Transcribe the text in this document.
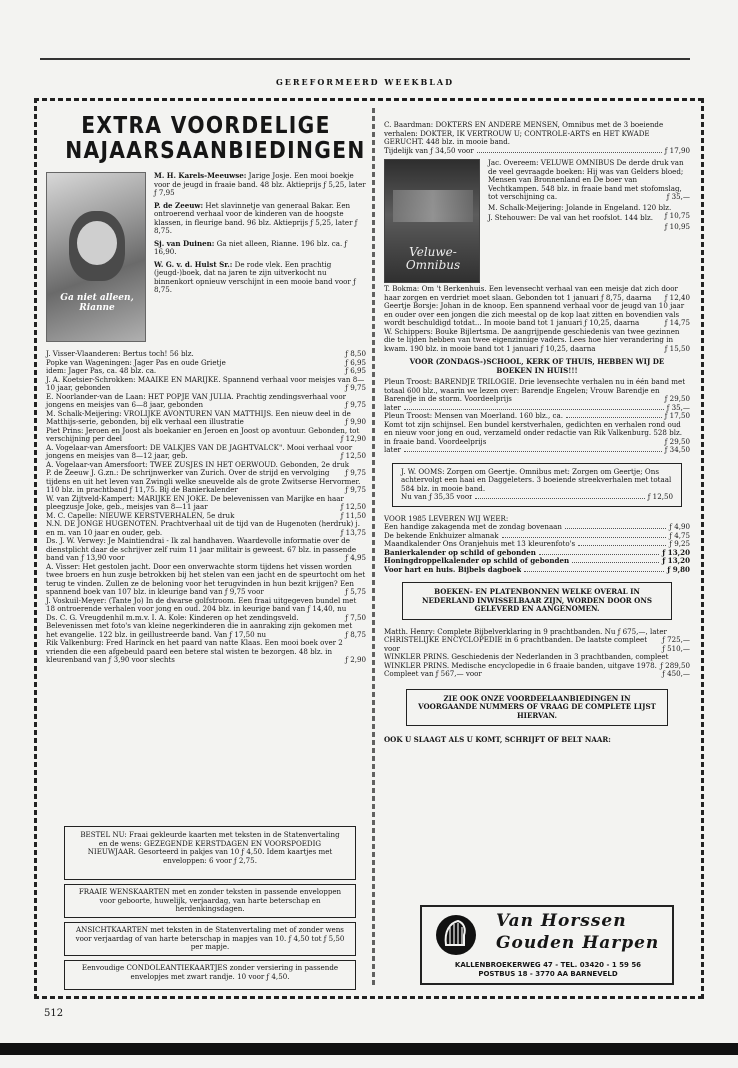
GEREFORMEERD WEEKBLAD
EXTRA VOORDELIGE
NAJAARSAANBIEDINGEN
Ga niet alleen,
Rianne
M. H. Karels-Meeuwse: Jarige Josje. Een mooi boekje voor de jeugd in fraaie band. 48 blz. Aktieprijs ƒ 5,25, later ƒ 7,95
P. de Zeeuw: Het slavinnetje van generaal Bakar. Een ontroerend verhaal voor de kinderen van de hoogste klassen, in fleurige band. 96 blz. Aktieprijs ƒ 5,25, later ƒ 8,75.
Sj. van Duinen: Ga niet alleen, Rianne. 196 blz. ca. ƒ 16,90.
W. G. v. d. Hulst Sr.: De rode vlek. Een prachtig (jeugd-)boek, dat na jaren te zijn uitverkocht nu binnenkort opnieuw verschijnt in een mooie band voor ƒ 8,75.
J. Visser-Vlaanderen: Bertus toch! 56 blz.	ƒ 8,50
Popke van Wageningen: Jager Pas en oude Grietje	ƒ 6,95
idem: Jager Pas, ca. 48 blz. ca.	ƒ 6,95
J. A. Koetsier-Schrokken: MAAIKE EN MARIJKE. Spannend verhaal voor meisjes van 8—10 jaar, gebonden	ƒ 9,75
E. Noorlander-van de Laan: HET POPJE VAN JULIA. Prachtig zendingsverhaal voor jongens en meisjes van 6—8 jaar, gebonden	ƒ 9,75
M. Schalk-Meijering: VROLIJKE AVONTUREN VAN MATTHIJS. Een nieuw deel in de Matthijs-serie, gebonden, bij elk verhaal een illustratie	ƒ 9,90
Piet Prins: Jeroen en Joost als boekanier en Jeroen en Joost op avontuur. Gebonden, tot verschijning per deel	ƒ 12,90
A. Vogelaar-van Amersfoort: DE VALKJES VAN DE JAGHTVALCK". Mooi verhaal voor jongens en meisjes van 8—12 jaar, geb.	ƒ 12,50
A. Vogelaar-van Amersfoort: TWEE ZUSJES IN HET OERWOUD. Gebonden, 2e druk
ƒ 9,75
P. de Zeeuw J. G.zn.: De schrijnwerker van Zurich. Over de strijd en vervolging tijdens en uit het leven van Zwingli welke sneuvelde als de grote Zwitserse Hervormer. 110 blz. in prachtband ƒ 11,75. Bij de Banierkalender	ƒ 9,75
W. van Zijtveld-Kampert: MARIJKE EN JOKE. De belevenissen van Marijke en haar pleegzusje Joke, geb., meisjes van 8—11 jaar	ƒ 12,50
M. C. Capelle: NIEUWE KERSTVERHALEN, 5e druk	ƒ 11,50
N.N. DE JONGE HUGENOTEN. Prachtverhaal uit de tijd van de Hugenoten (herdruk) j. en m. van 10 jaar en ouder, geb.	ƒ 13,75
Ds. J. W. Verwey: Je Maintiendrai - Ik zal handhaven. Waardevolle informatie over de dienstplicht daar de schrijver zelf ruim 11 jaar militair is geweest. 67 blz. in passende band van ƒ 13,90 voor	ƒ 4,95
A. Visser: Het gestolen jacht. Door een onverwachte storm tijdens het vissen worden twee broers en hun zusje betrokken bij het stelen van een jacht en de speurtocht om het terug te vinden. Zullen ze de beloning voor het terugvinden in hun bezit krijgen? Een spannend boek van 107 blz. in kleurige band van ƒ 9,75 voor	ƒ 5,75
J. Voskuil-Meyer: (Tante Jo) In de dwarse golfstroom. Een fraai uitgegeven bundel met 18 ontroerende verhalen voor jong en oud. 204 blz. in keurige band van ƒ 14,40, nu
ƒ 7,50
Ds. C. G. Vreugdenhil m.m.v. I. A. Kole: Kinderen op het zendingsveld. Belevenissen met foto's van kleine negerkinderen die in aanraking zijn gekomen met het evangelie. 122 blz. in geillustreerde band. Van ƒ 17,50 nu	ƒ 8,75
Rik Valkenburg: Fred Harinck en het paard van natte Klaas. Een mooi boek over 2 vrienden die een afgebeuld paard een betere stal wisten te bezorgen. 48 blz. in kleurenband van ƒ 3,90 voor slechts	ƒ 2,90
BESTEL NU: Fraai gekleurde kaarten met teksten in de Statenvertaling en de wens: GEZEGENDE KERSTDAGEN EN VOORSPOEDIG NIEUWJAAR. Gesorteerd in pakjes van 10 ƒ 4,50. Idem kaartjes met enveloppen: 6 voor ƒ 2,75.
FRAAIE WENSKAARTEN met en zonder teksten in passende enveloppen voor geboorte, huwelijk, verjaardag, van harte beterschap en herdenkingsdagen.
ANSICHTKAARTEN met teksten in de Statenvertaling met of zonder wens voor verjaardag of van harte beterschap in mapjes van 10. ƒ 4,50 tot ƒ 5,50 per mapje.
Eenvoudige CONDOLEANTIEKAARTJES zonder versiering in passende envelopjes met zwart randje. 10 voor ƒ 4,50.
C. Baardman: DOKTERS EN ANDERE MENSEN, Omnibus met de 3 boeiende verhalen: DOKTER, IK VERTROUW U; CONTROLE-ARTS en HET KWADE GERUCHT. 448 blz. in mooie band.
Tijdelijk van ƒ 34,50 voor	ƒ 17,90
Veluwe-
Omnibus
Jac. Overeem: VELUWE OMNIBUS De derde druk van de veel gevraagde boeken: Hij was van Gelders bloed; Mensen van Bronnenland en De boer van Vechtkampen. 548 blz. in fraaie band met stofomslag, tot verschijning ca.	ƒ 35,—
M. Schalk-Meijering: Jolande in Engeland. 120 blz.
ƒ 10,75
J. Stehouwer: De val van het roofslot. 144 blz.
ƒ 10,95
T. Bokma: Om 't Berkenhuis. Een levensecht verhaal van een meisje dat zich door haar zorgen en verdriet moet slaan. Gebonden tot 1 januari ƒ 8,75, daarna ƒ 12,40
Geertje Borsje: Johan in de knoop. Een spannend verhaal voor de jeugd van 10 jaar en ouder over een jongen die zich meestal op de kop laat zitten en bovendien vals wordt beschuldigd totdat... In mooie band tot 1 januari ƒ 10,25, daarna	ƒ 14,75
W. Schippers: Bouke Bijlertsma. De aangrijpende geschiedenis van twee gezinnen die te lijden hebben van twee eigenzinnige vaders. Lees hoe hier verandering in kwam. 190 blz. in mooie band tot 1 januari ƒ 10,25, daarna	ƒ 15,50
VOOR (ZONDAGS-)SCHOOL, KERK OF THUIS, HEBBEN WIJ DE BOEKEN IN HUIS!!!
Pleun Troost: BARENDJE TRILOGIE. Drie levensechte verhalen nu in één band met totaal 600 blz., waarin we lezen over: Barendje Engelen; Vrouw Barendje en Barendje in de storm. Voordeelprijs	ƒ 29,50
later	ƒ 35,—
Pleun Troost: Mensen van Moerland. 160 blz., ca.	ƒ 17,50
Komt tot zijn schijnsel. Een bundel kerstverhalen, gedichten en verhalen rond oud en nieuw voor jong en oud, verzameld onder redactie van Rik Valkenburg. 528 blz. in fraaie band. Voordeelprijs	ƒ 29,50
later	ƒ 34,50
J. W. OOMS: Zorgen om Geertje. Omnibus met: Zorgen om Geertje; Ons achtervolgt een haai en Daggeleters. 3 boeiende streekverhalen met totaal 584 blz. in mooie band.
Nu van ƒ 35,35 voor	ƒ 12,50
VOOR 1985 LEVEREN WIJ WEER:
Een handige zakagenda met de zondag bovenaan	ƒ 4,90
De bekende Enkhuizer almanak	ƒ 4,75
Maandkalender Ons Oranjehuis met 13 kleurenfoto's	ƒ 9,25
Banierkalender op schild of gebonden	ƒ 13,20
Honingdroppelkalender op schild of gebonden	ƒ 13,20
Voor hart en huis. Bijbels dagboek	ƒ 9,80
BOEKEN- EN PLATENBONNEN WELKE OVERAL IN NEDERLAND INWISSELBAAR ZIJN, WORDEN DOOR ONS GELEVERD EN AANGENOMEN.
Matth. Henry: Complete Bijbelverklaring in 9 prachtbanden. Nu ƒ 675,—, later
ƒ 725,—
CHRISTELIJKE ENCYCLOPEDIE in 6 prachtbanden. De laatste compleet voor	ƒ 510,—
WINKLER PRINS. Geschiedenis der Nederlanden in 3 prachtbanden, compleet
ƒ 289,50
WINKLER PRINS. Medische encyclopedie in 6 fraaie banden, uitgave 1978. Compleet van ƒ 567,— voor	ƒ 450,—
ZIE OOK ONZE VOORDEELAANBIEDINGEN IN VOORGAANDE NUMMERS OF VRAAG DE COMPLETE LIJST HIERVAN.
OOK U SLAAGT ALS U KOMT, SCHRIJFT OF BELT NAAR:
Van Horssen
Gouden Harpen
KALLENBROEKERWEG 47 - TEL. 03420 - 1 59 56
POSTBUS 18 - 3770 AA BARNEVELD
512
